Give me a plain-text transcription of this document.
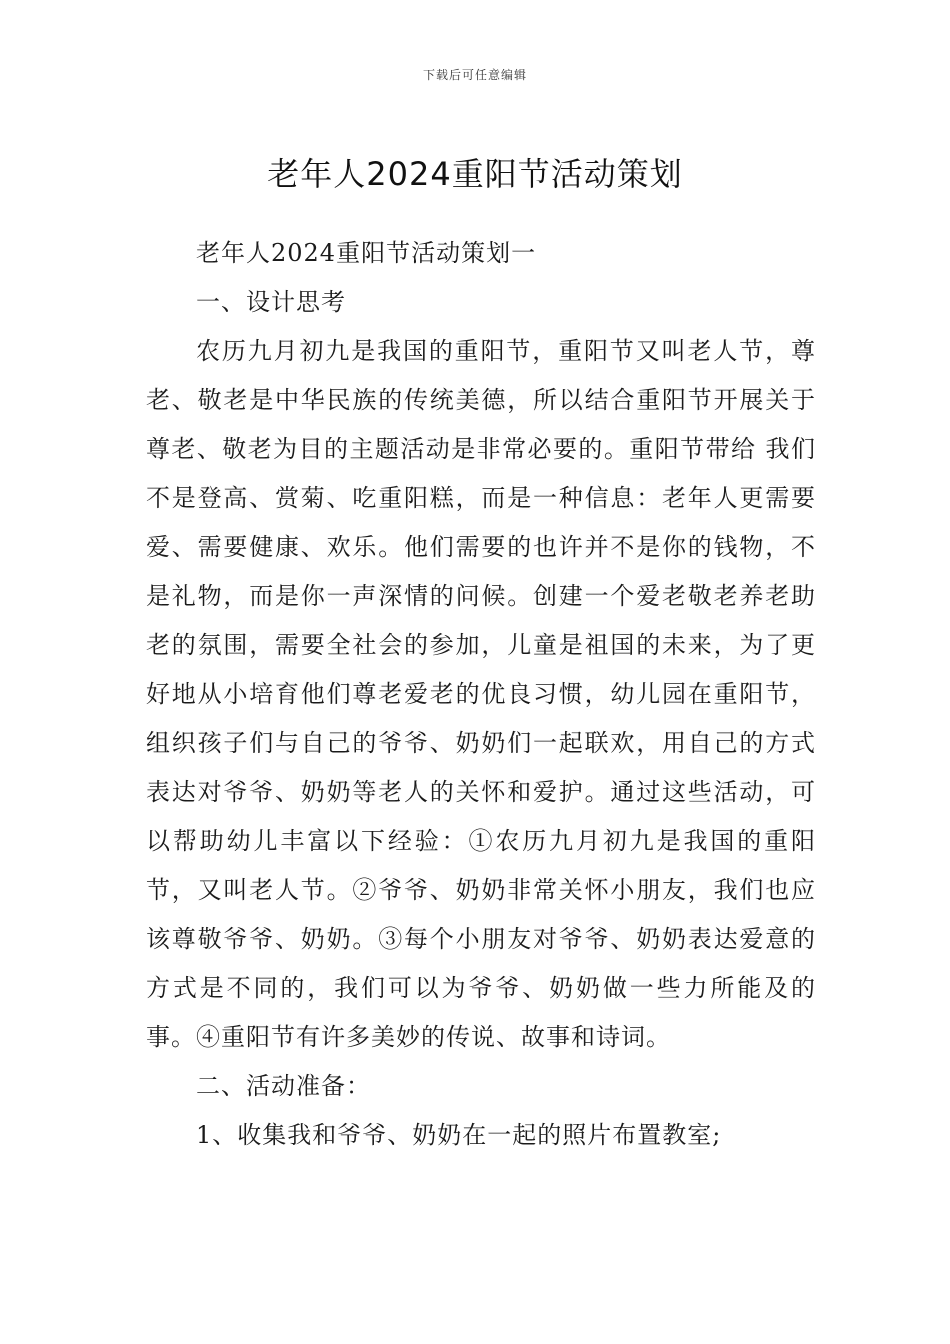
下载后可任意编辑
老年人2024重阳节活动策划

老年人2024重阳节活动策划一

一、设计思考

农历九月初九是我国的重阳节，重阳节又叫老人节，尊老、敬老是中华民族的传统美德，所以结合重阳节开展关于尊老、敬老为目的主题活动是非常必要的。重阳节带给 我们不是登高、赏菊、吃重阳糕，而是一种信息：老年人更需要爱、需要健康、欢乐。他们需要的也许并不是你的钱物，不是礼物，而是你一声深情的问候。创建一个爱老敬老养老助老的氛围，需要全社会的参加，儿童是祖国的未来，为了更好地从小培育他们尊老爱老的优良习惯，幼儿园在重阳节，组织孩子们与自己的爷爷、奶奶们一起联欢，用自己的方式表达对爷爷、奶奶等老人的关怀和爱护。通过这些活动，可以帮助幼儿丰富以下经验：①农历九月初九是我国的重阳节，又叫老人节。②爷爷、奶奶非常关怀小朋友，我们也应该尊敬爷爷、奶奶。③每个小朋友对爷爷、奶奶表达爱意的方式是不同的，我们可以为爷爷、奶奶做一些力所能及的事。④重阳节有许多美妙的传说、故事和诗词。

二、活动准备：

1、收集我和爷爷、奶奶在一起的照片布置教室;
